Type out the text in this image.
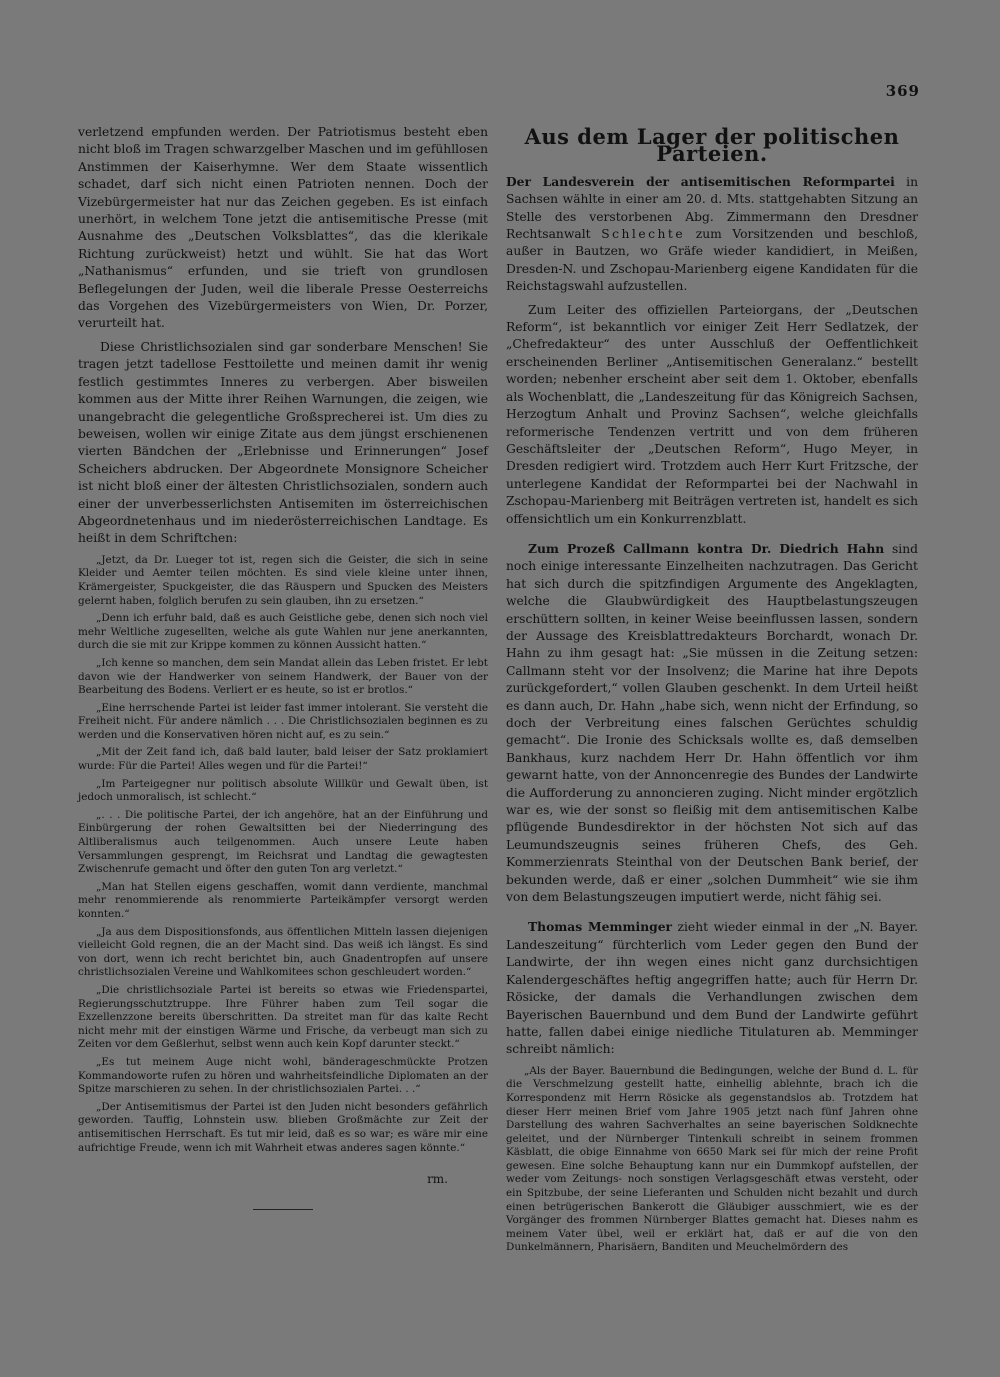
369

verletzend empfunden werden. Der Patriotismus besteht eben nicht bloß im Tragen schwarzgelber Maschen und im gefühllosen Anstimmen der Kaiserhymne. Wer dem Staate wissentlich schadet, darf sich nicht einen Patrioten nennen. Doch der Vizebürgermeister hat nur das Zeichen gegeben. Es ist einfach unerhört, in welchem Tone jetzt die antisemitische Presse (mit Ausnahme des „Deutschen Volksblattes“, das die klerikale Richtung zurückweist) hetzt und wühlt. Sie hat das Wort „Nathanismus“ erfunden, und sie trieft von grundlosen Beflegelungen der Juden, weil die liberale Presse Oesterreichs das Vorgehen des Vizebürgermeisters von Wien, Dr. Porzer, verurteilt hat.

Diese Christlichsozialen sind gar sonderbare Menschen! Sie tragen jetzt tadellose Festtoilette und meinen damit ihr wenig festlich gestimmtes Inneres zu verbergen. Aber bisweilen kommen aus der Mitte ihrer Reihen Warnungen, die zeigen, wie unangebracht die gelegentliche Großsprecherei ist. Um dies zu beweisen, wollen wir einige Zitate aus dem jüngst erschienenen vierten Bändchen der „Erlebnisse und Erinnerungen“ Josef Scheichers abdrucken. Der Abgeordnete Monsignore Scheicher ist nicht bloß einer der ältesten Christlichsozialen, sondern auch einer der unverbesserlichsten Antisemiten im österreichischen Abgeordnetenhaus und im niederösterreichischen Landtage. Es heißt in dem Schriftchen:

„Jetzt, da Dr. Lueger tot ist, regen sich die Geister, die sich in seine Kleider und Aemter teilen möchten. Es sind viele kleine unter ihnen, Krämergeister, Spuckgeister, die das Räuspern und Spucken des Meisters gelernt haben, folglich berufen zu sein glauben, ihn zu ersetzen.“
„Denn ich erfuhr bald, daß es auch Geistliche gebe, denen sich noch viel mehr Weltliche zugesellten, welche als gute Wahlen nur jene anerkannten, durch die sie mit zur Krippe kommen zu können Aussicht hatten.“
„Ich kenne so manchen, dem sein Mandat allein das Leben fristet. Er lebt davon wie der Handwerker von seinem Handwerk, der Bauer von der Bearbeitung des Bodens. Verliert er es heute, so ist er brotlos.“
„Eine herrschende Partei ist leider fast immer intolerant. Sie versteht die Freiheit nicht. Für andere nämlich . . . Die Christlichsozialen beginnen es zu werden und die Konservativen hören nicht auf, es zu sein.“
„Mit der Zeit fand ich, daß bald lauter, bald leiser der Satz proklamiert wurde: Für die Partei! Alles wegen und für die Partei!“
„Im Parteigegner nur politisch absolute Willkür und Gewalt üben, ist jedoch unmoralisch, ist schlecht.“
„. . . Die politische Partei, der ich angehöre, hat an der Einführung und Einbürgerung der rohen Gewaltsitten bei der Niederringung des Altliberalismus auch teilgenommen. Auch unsere Leute haben Versammlungen gesprengt, im Reichsrat und Landtag die gewagtesten Zwischenrufe gemacht und öfter den guten Ton arg verletzt.“
„Man hat Stellen eigens geschaffen, womit dann verdiente, manchmal mehr renommierende als renommierte Parteikämpfer versorgt werden konnten.“
„Ja aus dem Dispositionsfonds, aus öffentlichen Mitteln lassen diejenigen vielleicht Gold regnen, die an der Macht sind. Das weiß ich längst. Es sind von dort, wenn ich recht berichtet bin, auch Gnadentropfen auf unsere christlichsozialen Vereine und Wahlkomitees schon geschleudert worden.“
„Die christlichsoziale Partei ist bereits so etwas wie Friedenspartei, Regierungsschutztruppe. Ihre Führer haben zum Teil sogar die Exzellenzzone bereits überschritten. Da streitet man für das kalte Recht nicht mehr mit der einstigen Wärme und Frische, da verbeugt man sich zu Zeiten vor dem Geßlerhut, selbst wenn auch kein Kopf darunter steckt.“
„Es tut meinem Auge nicht wohl, bänderageschmückte Protzen Kommandoworte rufen zu hören und wahrheitsfeindliche Diplomaten an der Spitze marschieren zu sehen. In der christlichsozialen Partei. . .“
„Der Antisemitismus der Partei ist den Juden nicht besonders gefährlich geworden. Tauffig, Lohnstein usw. blieben Großmächte zur Zeit der antisemitischen Herrschaft. Es tut mir leid, daß es so war; es wäre mir eine aufrichtige Freude, wenn ich mit Wahrheit etwas anderes sagen könnte.“
rm.
Aus dem Lager der politischen Parteien.

Der Landesverein der antisemitischen Reformpartei in Sachsen wählte in einer am 20. d. Mts. stattgehabten Sitzung an Stelle des verstorbenen Abg. Zimmermann den Dresdner Rechtsanwalt Schlechte zum Vorsitzenden und beschloß, außer in Bautzen, wo Gräfe wieder kandidiert, in Meißen, Dresden-N. und Zschopau-Marienberg eigene Kandidaten für die Reichstagswahl aufzustellen.

Zum Leiter des offiziellen Parteiorgans, der „Deutschen Reform“, ist bekanntlich vor einiger Zeit Herr Sedlatzek, der „Chefredakteur“ des unter Ausschluß der Oeffentlichkeit erscheinenden Berliner „Antisemitischen Generalanz.“ bestellt worden; nebenher erscheint aber seit dem 1. Oktober, ebenfalls als Wochenblatt, die „Landeszeitung für das Königreich Sachsen, Herzogtum Anhalt und Provinz Sachsen“, welche gleichfalls reformerische Tendenzen vertritt und von dem früheren Geschäftsleiter der „Deutschen Reform“, Hugo Meyer, in Dresden redigiert wird. Trotzdem auch Herr Kurt Fritzsche, der unterlegene Kandidat der Reformpartei bei der Nachwahl in Zschopau-Marienberg mit Beiträgen vertreten ist, handelt es sich offensichtlich um ein Konkurrenzblatt.

Zum Prozeß Callmann kontra Dr. Diedrich Hahn sind noch einige interessante Einzelheiten nachzutragen. Das Gericht hat sich durch die spitzfindigen Argumente des Angeklagten, welche die Glaubwürdigkeit des Hauptbelastungszeugen erschüttern sollten, in keiner Weise beeinflussen lassen, sondern der Aussage des Kreisblattredakteurs Borchardt, wonach Dr. Hahn zu ihm gesagt hat: „Sie müssen in die Zeitung setzen: Callmann steht vor der Insolvenz; die Marine hat ihre Depots zurückgefordert,“ vollen Glauben geschenkt. In dem Urteil heißt es dann auch, Dr. Hahn „habe sich, wenn nicht der Erfindung, so doch der Verbreitung eines falschen Gerüchtes schuldig gemacht“. Die Ironie des Schicksals wollte es, daß demselben Bankhaus, kurz nachdem Herr Dr. Hahn öffentlich vor ihm gewarnt hatte, von der Annoncenregie des Bundes der Landwirte die Aufforderung zu annoncieren zuging. Nicht minder ergötzlich war es, wie der sonst so fleißig mit dem antisemitischen Kalbe pflügende Bundesdirektor in der höchsten Not sich auf das Leumundszeugnis seines früheren Chefs, des Geh. Kommerzienrats Steinthal von der Deutschen Bank berief, der bekunden werde, daß er einer „solchen Dummheit“ wie sie ihm von dem Belastungszeugen imputiert werde, nicht fähig sei.

Thomas Memminger zieht wieder einmal in der „N. Bayer. Landeszeitung“ fürchterlich vom Leder gegen den Bund der Landwirte, der ihn wegen eines nicht ganz durchsichtigen Kalendergeschäftes heftig angegriffen hatte; auch für Herrn Dr. Rösicke, der damals die Verhandlungen zwischen dem Bayerischen Bauernbund und dem Bund der Landwirte geführt hatte, fallen dabei einige niedliche Titulaturen ab. Memminger schreibt nämlich:

„Als der Bayer. Bauernbund die Bedingungen, welche der Bund d. L. für die Verschmelzung gestellt hatte, einhellig ablehnte, brach ich die Korrespondenz mit Herrn Rösicke als gegenstandslos ab. Trotzdem hat dieser Herr meinen Brief vom Jahre 1905 jetzt nach fünf Jahren ohne Darstellung des wahren Sachverhaltes an seine bayerischen Soldknechte geleitet, und der Nürnberger Tintenkuli schreibt in seinem frommen Käsblatt, die obige Einnahme von 6650 Mark sei für mich der reine Profit gewesen. Eine solche Behauptung kann nur ein Dummkopf aufstellen, der weder vom Zeitungs- noch sonstigen Verlagsgeschäft etwas versteht, oder ein Spitzbube, der seine Lieferanten und Schulden nicht bezahlt und durch einen betrügerischen Bankerott die Gläubiger ausschmiert, wie es der Vorgänger des frommen Nürnberger Blattes gemacht hat. Dieses nahm es meinem Vater übel, weil er erklärt hat, daß er auf die von den Dunkelmännern, Pharisäern, Banditen und Meuchelmördern des
